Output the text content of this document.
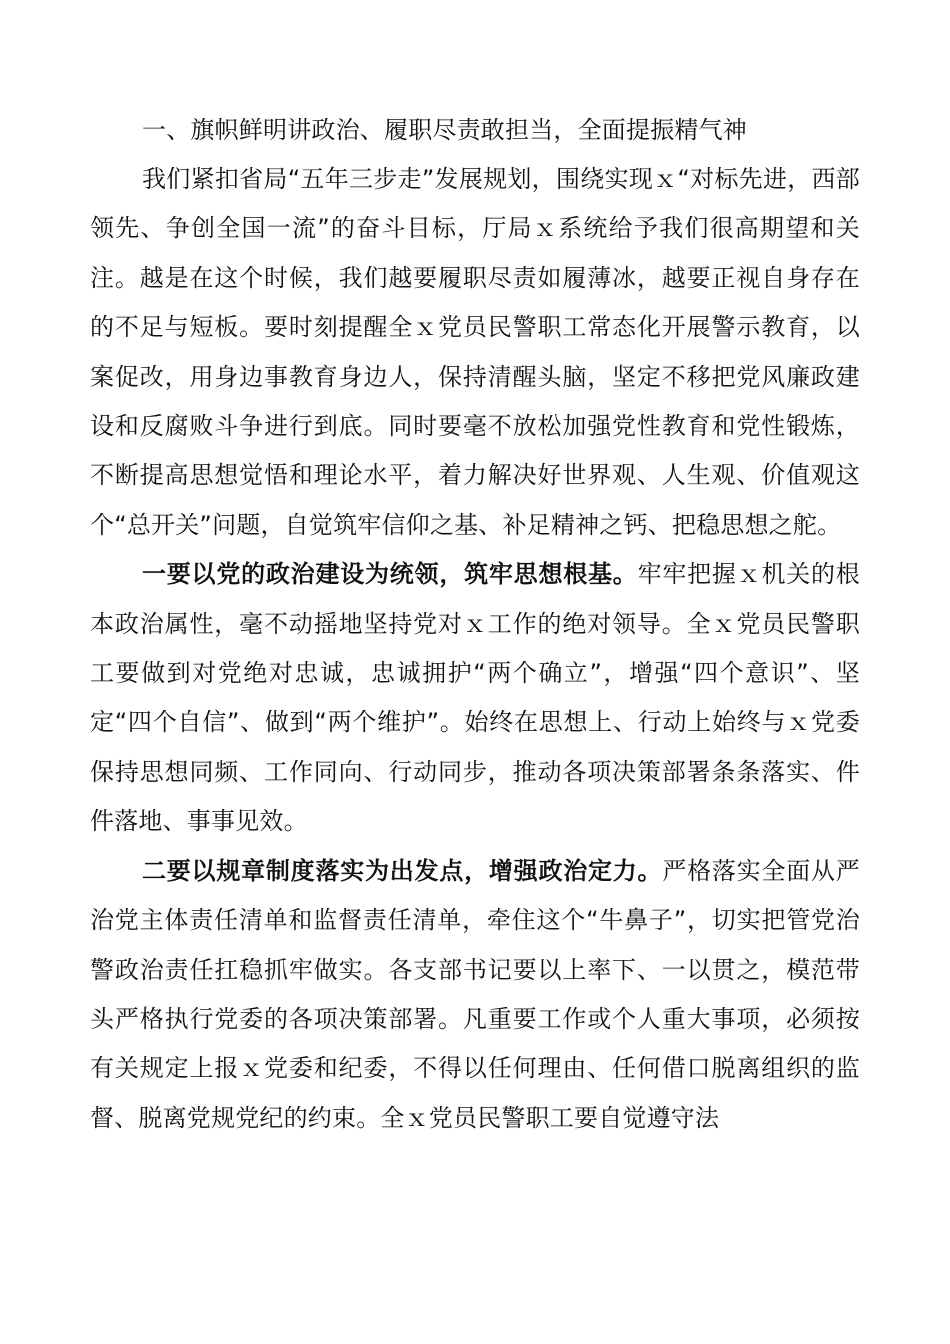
一、旗帜鲜明讲政治、履职尽责敢担当，全面提振精气神

我们紧扣省局“五年三步走”发展规划，围绕实现ｘ“对标先进，西部领先、争创全国一流”的奋斗目标，厅局ｘ系统给予我们很高期望和关注。越是在这个时候，我们越要履职尽责如履薄冰，越要正视自身存在的不足与短板。要时刻提醒全ｘ党员民警职工常态化开展警示教育，以案促改，用身边事教育身边人，保持清醒头脑，坚定不移把党风廉政建设和反腐败斗争进行到底。同时要毫不放松加强党性教育和党性锻炼，不断提高思想觉悟和理论水平，着力解决好世界观、人生观、价值观这个“总开关”问题，自觉筑牢信仰之基、补足精神之钙、把稳思想之舵。

一要以党的政治建设为统领，筑牢思想根基。牢牢把握ｘ机关的根本政治属性，毫不动摇地坚持党对ｘ工作的绝对领导。全ｘ党员民警职工要做到对党绝对忠诚，忠诚拥护“两个确立”，增强“四个意识”、坚定“四个自信”、做到“两个维护”。始终在思想上、行动上始终与ｘ党委保持思想同频、工作同向、行动同步，推动各项决策部署条条落实、件件落地、事事见效。

二要以规章制度落实为出发点，增强政治定力。严格落实全面从严治党主体责任清单和监督责任清单，牵住这个“牛鼻子”，切实把管党治警政治责任扛稳抓牢做实。各支部书记要以上率下、一以贯之，模范带头严格执行党委的各项决策部署。凡重要工作或个人重大事项，必须按有关规定上报ｘ党委和纪委，不得以任何理由、任何借口脱离组织的监督、脱离党规党纪的约束。全ｘ党员民警职工要自觉遵守法
